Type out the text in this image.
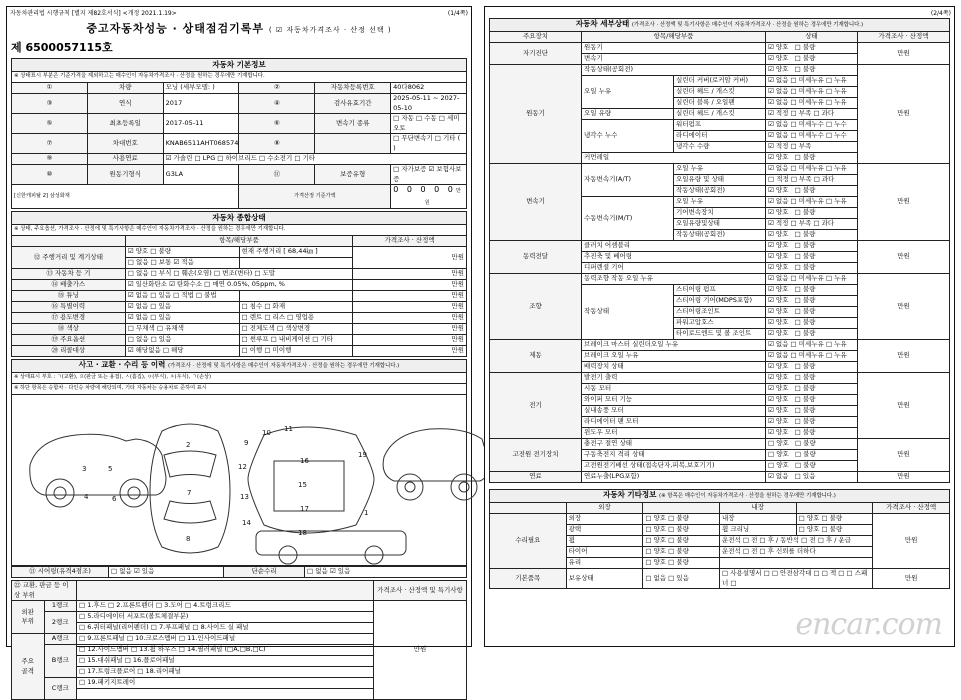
자동차관리법 시행규칙 [별지 제82호서식] <개정 2021.1.19>	(1/4쪽)
중고자동차성능 · 상태점검기록부 ( ☑ 자동차가격조사 · 산정 선택 )
제 6500057115호
자동차 기본정보					
※ 상태표시 부분은 기준가격을 제외하고는 매수인이 자동차가격조사 · 산정을 원하는 경우에만 기재합니다.					
①	차량	모닝 (세부모델: )	②	자동차등록번호	40다8062
③	연식	2017	④	검사유효기간	2025-05-11 ~ 2027-05-10
⑤	최초등록일	2017-05-11	⑥	변속기 종류	□ 자동 □ 수동 □ 세미오토
⑦	차대번호	KNAB6511AHT068574	⑧		□ 무단변속기 □ 기타 ( )
⑨	사용연료	☑ 가솔린 □ LPG □ 하이브리드 □ 수소전기 □ 기타			
⑩	원동기형식	G3LA	⑪	보증유형	□ 자가보증 ☑ 보험사보증
[신한캐피탈 2] 삼성화재			가격산정 기준가액		0 0 0 0 0만원
자동차 종합상태			
※ 상태, 주요옵션, 가격조사 · 산정에 및 특기사항은 매수인이 자동차가격조사 · 산정을 원하는 경우에만 기재합니다.			
	항목/해당부품		가격조사 · 산정액
⑫ 주행거리 및 계기상태	☑ 양호 □ 불량	현재 주행거리 [ 68,44㎞ ]	만원
	□ 없음 □ 보통 ☑ 적음		
⑬ 자동차 등 기	□ 없음 □ 부식 □ 훼손(오염) □ 변조(변타) □ 도말		만원
⑭ 배출가스	☑ 일산화탄소 ☑ 탄화수소 □ 매연 0.05%, 05ppm, %		만원
⑮ 튜닝	☑ 없음 □ 있음 □ 적법 □ 불법		만원
⑯ 특별이력	☑ 없음 □ 있음	□ 침수 □ 화재	만원
⑰ 용도변경	☑ 없음 □ 있음	□ 렌트 □ 리스 □ 영업용	만원
⑱ 색상	□ 무채색 □ 유채색	□ 전체도색 □ 색상변경	만원
⑲ 주요옵션	□ 없음 □ 있음	□ 썬루프 □ 내비게이션 □ 기타	만원
⑳ 리콜대상	☑ 해당없음 □ 해당	□ 이행 □ 미이행	만원
사고 · 교환 · 수리 등 이력 (가격조사 · 산정에 및 특기사항은 매수인이 자동차가격조사 · 산정을 원하는 경우에만 기재합니다.)
※ 상태표시 부호 : ㄱ(교환), ㅍ(판금 또는 용접), ㅅ(흠집), ㅇ(부식), ㅊ(우식), ㄱ(손상)
※ 하단 항목은 승합차 · 다인승 차량에 해당되며, 기타 자동차는 승용차로 준하여 표시
3
4
5
6
7
2
8
9
10 11
12
13
14
15
16
18
17
19
1
㉑ 시어링(유격4점조)	□ 없음 ☑ 있음	단순수리	□ 없음 ☑ 있음
㉒ 교환, 판금 등 이상 부위			가격조사 · 산정액 및 특기사항
외판
부위	1랭크	□ 1.후드 □ 2.프론트펜더 □ 3.도어 □ 4.트렁크리드	만원
	2랭크	□ 5.라디에이터 서포트(볼트체결부분)	
		□ 6.쿼터패널(리어펜더) □ 7.루프패널 □ 8.사이드 실 패널	
주요
골격	A랭크	□ 9.프론트패널 □ 10.크로스멤버 □ 11.인사이드패널	
	B랭크	□ 12.사이드멤버 □ 13.휠 하우스 □ 14.필러패널 (□A,□B,□C)	
		□ 15.대쉬패널 □ 16.플로어패널	
		□ 17.트렁크플로어 □ 18.리어패널	
	C랭크	□ 19.패키지트레이	

(2/4쪽)
자동차 세부상태 (가격조사 · 산정액 및 특기사항은 매수인이 자동차가격조사 · 산정을 원하는 경우에만 기재합니다.)				
주요장치	항목/해당부품		상태	가격조사 · 산정액
자기진단	원동기		☑ 양호 □ 불량	만원
	변속기		☑ 양호 □ 불량	
원동기	작동상태(공회전)		☑ 양호 □ 불량	만원
	오일 누유	실린더 커버(로커암 커버)	☑ 없음 □ 미세누유 □ 누유	
		실린더 헤드 / 개스킷	☑ 없음 □ 미세누유 □ 누유	
		실린더 블록 / 오일팬	☑ 없음 □ 미세누유 □ 누유	
	오일 유량	실린더 헤드 / 개스킷	☑ 적정 □ 부족 □ 과다	
	냉각수 누수	워터펌프	☑ 없음 □ 미세누수 □ 누수	
		라디에이터	☑ 없음 □ 미세누수 □ 누수	
		냉각수 수량	☑ 적정 □ 부족	
	커먼레일		☑ 양호 □ 불량	
변속기	자동변속기(A/T)	오일 누유	☑ 없음 □ 미세누유 □ 누유	만원
		오일유량 및 상태	□ 적정 □ 부족 □ 과다	
		작동상태(공회전)	☑ 양호 □ 불량	
	수동변속기(M/T)	오일 누유	☑ 없음 □ 미세누유 □ 누유	
		기어변속장치	☑ 양호 □ 불량	
		오일유량및상태	☑ 적정 □ 부족 □ 과다	
		작동상태(공회전)	☑ 양호 □ 불량	
동력전달	클러치 어셈블리		☑ 양호 □ 불량	만원
	추진축 및 베어링		☑ 양호 □ 불량	
	디퍼렌셜 기어		☑ 양호 □ 불량	
조향	동력조향 작동 오일 누유		☑ 없음 □ 미세누유 □ 누유	만원
	작동상태	스티어링 펌프	☑ 양호 □ 불량	
		스티어링 기어(MDPS포함)	☑ 양호 □ 불량	
		스티어링조인트	☑ 양호 □ 불량	
		파워고압호스	☑ 양호 □ 불량	
		타이로드엔드 및 볼 조인트	☑ 양호 □ 불량	
제동	브레이크 마스터 실린더오일 누유		☑ 없음 □ 미세누유 □ 누유	만원
	브레이크 오일 누유		☑ 없음 □ 미세누유 □ 누유	
	배력장치 상태		☑ 양호 □ 불량	
전기	발전기 출력		☑ 양호 □ 불량	만원
	시동 모터		☑ 양호 □ 불량	
	와이퍼 모터 기능		☑ 양호 □ 불량	
	실내송풍 모터		☑ 양호 □ 불량	
	라디에이터 팬 모터		☑ 양호 □ 불량	
	윈도우 모터		☑ 양호 □ 불량	
고전원 전기장치	충전구 절연 상태		□ 양호 □ 불량	만원
	구동축전지 격리 상태		□ 양호 □ 불량	
	고전원전기배선 상태(접속단자,피복,보호기기)		□ 양호 □ 불량	
연료	연료누출(LPG포함)		☑ 없음 □ 있음	만원
자동차 기타정보 (※ 항목은 매수인이 자동차가격조사 · 산정을 원하는 경우에만 기재합니다.)					
	외장		내장		가격조사 · 산정액
수리필요	외장	□ 양호 □ 불량	내장	□ 양호 □ 불량	만원
	광택	□ 양호 □ 불량	휠 크리닝	□ 양호 □ 불량	
	휠	□ 양호 □ 불량	운전석 □ 전 □ 후 / 동반석 □ 전 □ 후 / 운급		
	타이어	□ 양호 □ 불량	운전석 □ 전 □ 후 신뢰를 더하다		
	유리	□ 양호 □ 불량			
기본품목	보유상태	□ 없음 □ 있음	□ 사용설명서 □ □ 안전삼각대 □ □ 잭 □ □ 스패너 □		만원
encar.com
